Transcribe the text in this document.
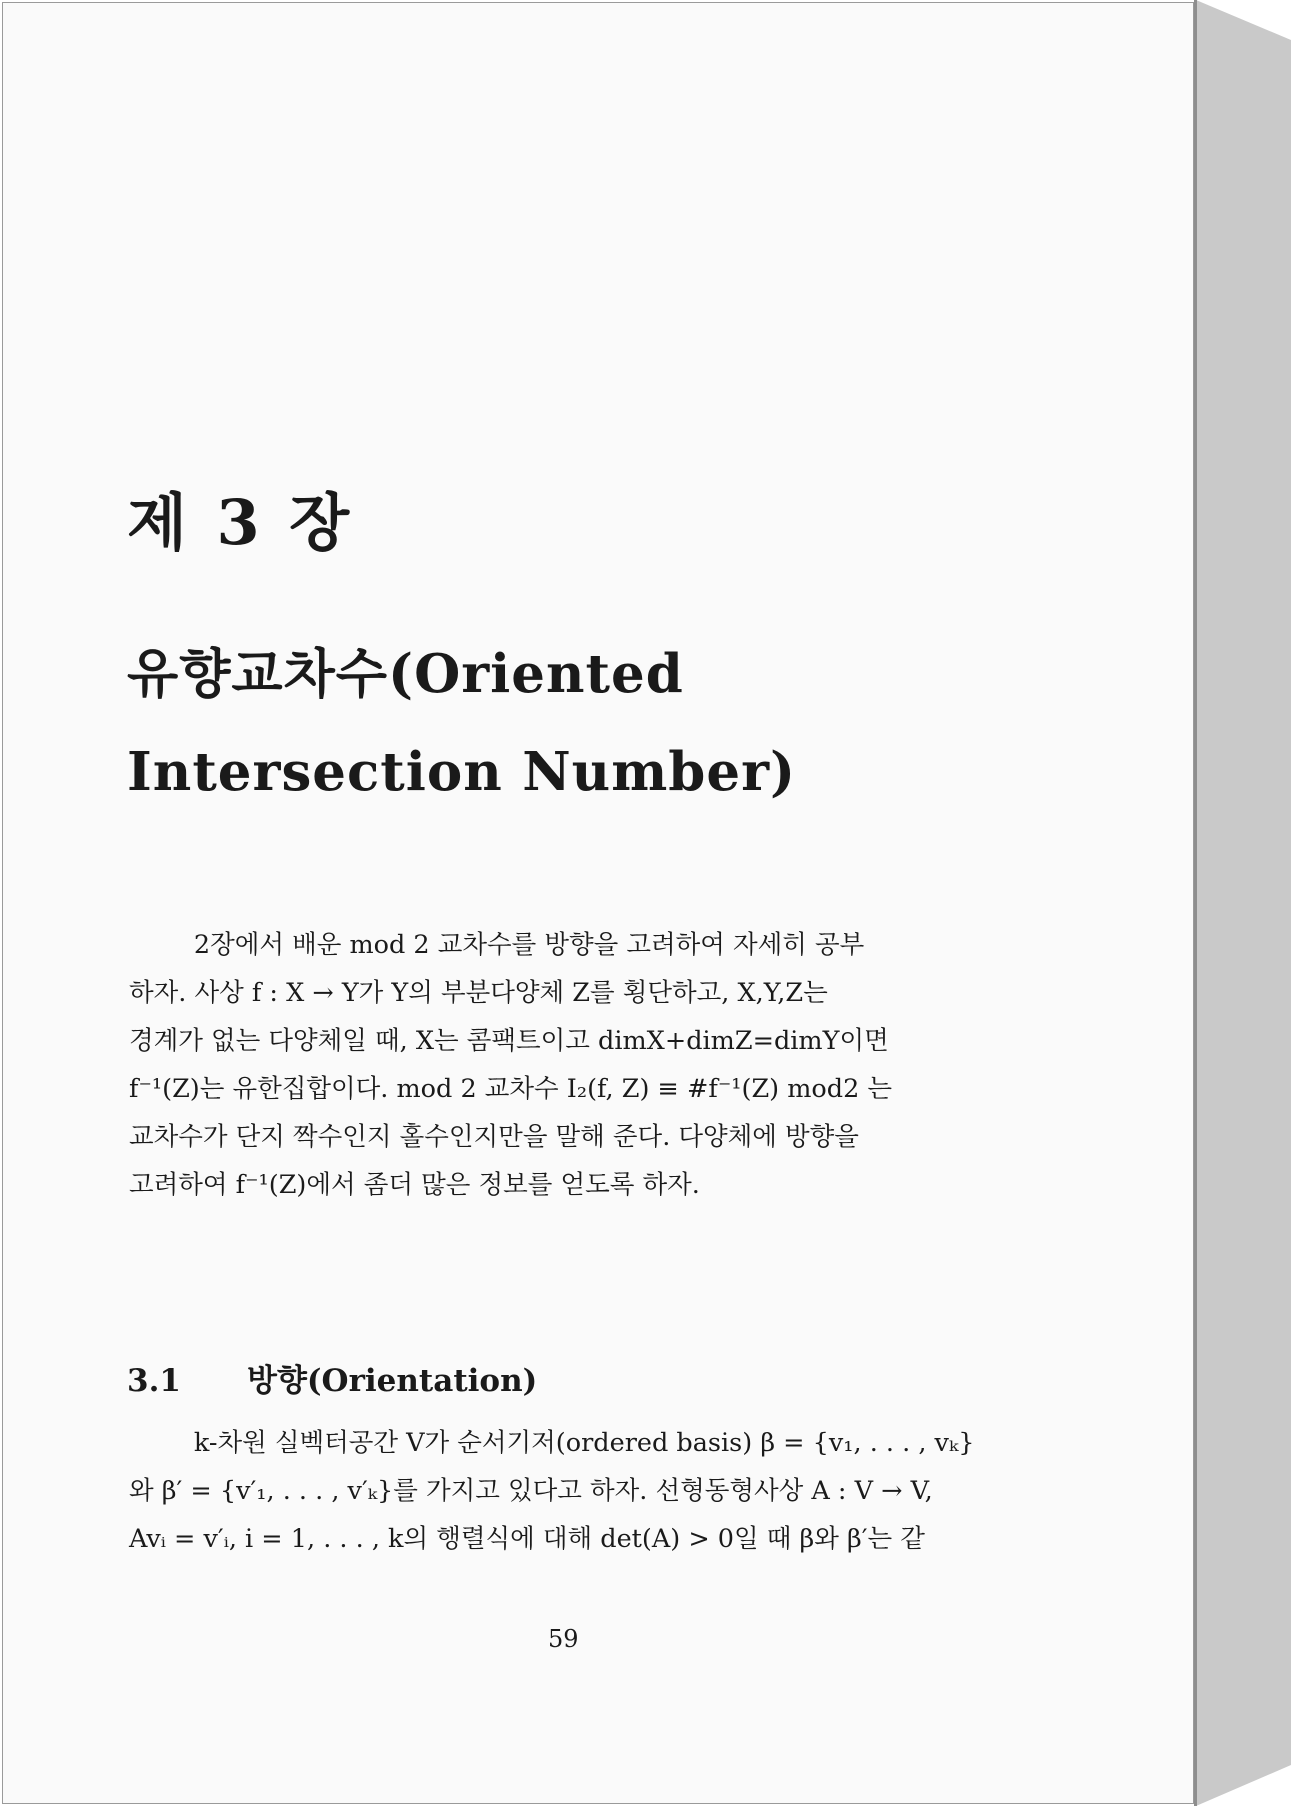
제 3 장
유향교차수(Oriented
Intersection Number)
2장에서 배운 mod 2 교차수를 방향을 고려하여 자세히 공부
하자. 사상 f : X → Y가 Y의 부분다양체 Z를 횡단하고, X,Y,Z는
경계가 없는 다양체일 때, X는 콤팩트이고 dimX+dimZ=dimY이면
f⁻¹(Z)는 유한집합이다. mod 2 교차수 I₂(f, Z) ≡ #f⁻¹(Z) mod2 는
교차수가 단지 짝수인지 홀수인지만을 말해 준다. 다양체에 방향을
고려하여 f⁻¹(Z)에서 좀더 많은 정보를 얻도록 하자.
3.1 방향(Orientation)
k-차원 실벡터공간 V가 순서기저(ordered basis) β = {v₁, . . . , vₖ}
와 β′ = {v′₁, . . . , v′ₖ}를 가지고 있다고 하자. 선형동형사상 A : V → V,
Avᵢ = v′ᵢ, i = 1, . . . , k의 행렬식에 대해 det(A) > 0일 때 β와 β′는 같
59
